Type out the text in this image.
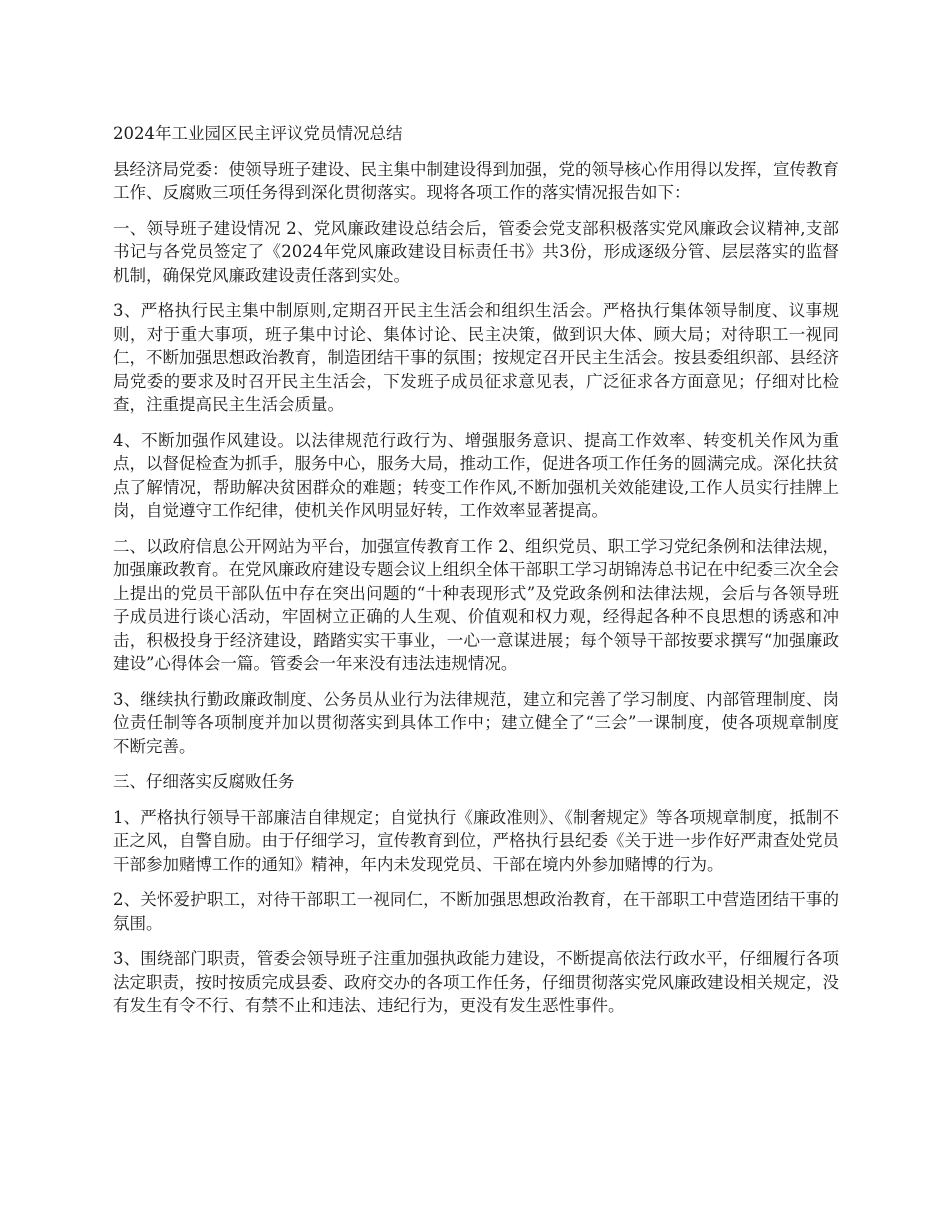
2024年工业园区民主评议党员情况总结

县经济局党委：使领导班子建设、民主集中制建设得到加强，党的领导核心作用得以发挥，宣传教育工作、反腐败三项任务得到深化贯彻落实。现将各项工作的落实情况报告如下：

一、领导班子建设情况 2、党风廉政建设总结会后，管委会党支部积极落实党风廉政会议精神,支部书记与各党员签定了《2024年党风廉政建设目标责任书》共3份，形成逐级分管、层层落实的监督机制，确保党风廉政建设责任落到实处。

3、严格执行民主集中制原则,定期召开民主生活会和组织生活会。严格执行集体领导制度、议事规则，对于重大事项，班子集中讨论、集体讨论、民主决策，做到识大体、顾大局；对待职工一视同仁，不断加强思想政治教育，制造团结干事的氛围；按规定召开民主生活会。按县委组织部、县经济局党委的要求及时召开民主生活会，下发班子成员征求意见表，广泛征求各方面意见；仔细对比检查，注重提高民主生活会质量。

4、不断加强作风建设。以法律规范行政行为、增强服务意识、提高工作效率、转变机关作风为重点，以督促检查为抓手，服务中心，服务大局，推动工作，促进各项工作任务的圆满完成。深化扶贫点了解情况，帮助解决贫困群众的难题；转变工作作风,不断加强机关效能建设,工作人员实行挂牌上岗，自觉遵守工作纪律，使机关作风明显好转，工作效率显著提高。

二、以政府信息公开网站为平台，加强宣传教育工作 2、组织党员、职工学习党纪条例和法律法规，加强廉政教育。在党风廉政府建设专题会议上组织全体干部职工学习胡锦涛总书记在中纪委三次全会上提出的党员干部队伍中存在突出问题的“十种表现形式”及党政条例和法律法规，会后与各领导班子成员进行谈心活动，牢固树立正确的人生观、价值观和权力观，经得起各种不良思想的诱惑和冲击，积极投身于经济建设，踏踏实实干事业，一心一意谋进展；每个领导干部按要求撰写“加强廉政建设”心得体会一篇。管委会一年来没有违法违规情况。

3、继续执行勤政廉政制度、公务员从业行为法律规范，建立和完善了学习制度、内部管理制度、岗位责任制等各项制度并加以贯彻落实到具体工作中；建立健全了“三会”一课制度，使各项规章制度不断完善。

三、仔细落实反腐败任务

1、严格执行领导干部廉洁自律规定；自觉执行《廉政准则》、《制奢规定》等各项规章制度，抵制不正之风，自警自励。由于仔细学习，宣传教育到位，严格执行县纪委《关于进一步作好严肃查处党员干部参加赌博工作的通知》精神，年内未发现党员、干部在境内外参加赌博的行为。

2、关怀爱护职工，对待干部职工一视同仁，不断加强思想政治教育，在干部职工中营造团结干事的氛围。

3、围绕部门职责，管委会领导班子注重加强执政能力建设，不断提高依法行政水平，仔细履行各项法定职责，按时按质完成县委、政府交办的各项工作任务，仔细贯彻落实党风廉政建设相关规定，没有发生有令不行、有禁不止和违法、违纪行为，更没有发生恶性事件。
